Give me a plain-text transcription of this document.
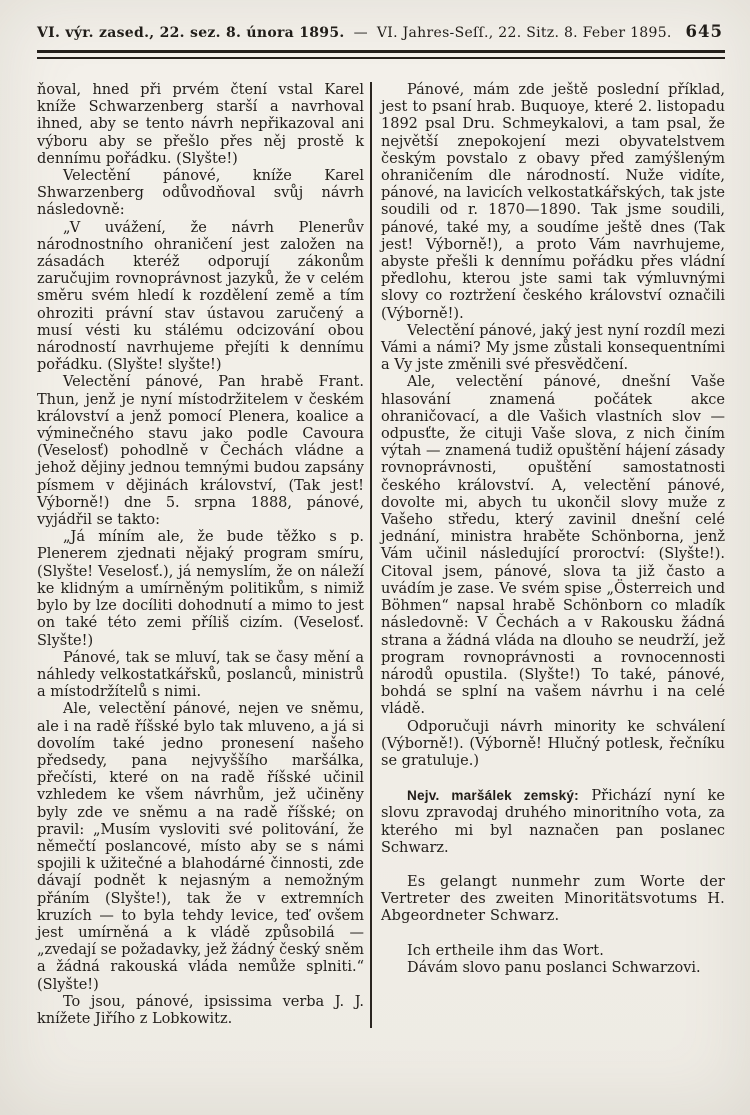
VI. výr. zased., 22. sez. 8. února 1895. — VI. Jahres-Seſſ., 22. Sitz. 8. Feber 1895. 645

ňoval, hned při prvém čtení vstal Karel kníže Schwarzenberg starší a navrhoval ihned, aby se tento návrh nepřikazoval ani výboru aby se přešlo přes něj prostě k dennímu pořádku. (Slyšte!)

Velectění pánové, kníže Karel Shwarzenberg odůvodňoval svůj návrh následovně:

„V uvážení, že návrh Plenerův národnostního ohraničení jest založen na zásadách kteréž odporují zákonům zaručujim rovnoprávnost jazyků, že v celém směru svém hledí k rozdělení země a tím ohroziti právní stav ústavou zaručený a musí vésti ku stálému odcizování obou národností navrhujeme přejíti k dennímu pořádku. (Slyšte! slyšte!)

Velectění pánové, Pan hrabě Frant. Thun, jenž je nyní místodržitelem v českém království a jenž pomocí Plenera, koalice a výminečného stavu jako podle Cavoura (Veselosť) pohodlně v Čechách vládne a jehož dějiny jednou temnými budou zapsány písmem v dějinách království, (Tak jest! Výborně!) dne 5. srpna 1888, pánové, vyjádřil se takto:

„Já míním ale, že bude těžko s p. Plenerem zjednati nějaký program smíru, (Slyšte! Veselosť.), já nemyslím, že on náleží ke klidným a umírněným politikům, s nimiž bylo by lze docíliti dohodnutí a mimo to jest on také této zemi příliš cizím. (Veselosť. Slyšte!)

Pánové, tak se mluví, tak se časy mění a náhledy velkostatkářsků, poslanců, ministrů a místodržítelů s nimi.

Ale, velectění pánové, nejen ve sněmu, ale i na radě říšské bylo tak mluveno, a já si dovolím také jedno pronesení našeho předsedy, pana nejvyššího maršálka, přečísti, které on na radě říšské učinil vzhledem ke všem návrhům, jež učiněny byly zde ve sněmu a na radě říšské; on pravil: „Musím vysloviti své politování, že němečtí poslancové, místo aby se s námi spojili k užitečné a blahodárné činnosti, zde dávají podnět k nejasným a nemožným přáním (Slyšte!), tak že v extremních kruzích — to byla tehdy levice, teď ovšem jest umírněná a k vládě způsobilá — „zvedají se požadavky, jež žádný český sněm a žádná rakouská vláda nemůže splniti.“ (Slyšte!)

To jsou, pánové, ipsissima verba J. J. knížete Jiřího z Lobkowitz.

Pánové, mám zde ještě poslední příklad, jest to psaní hrab. Buquoye, které 2. listopadu 1892 psal Dru. Schmeykalovi, a tam psal, že největší znepokojení mezi obyvatelstvem českým povstalo z obavy před zamýšleným ohraničením dle národností. Nuže vidíte, pánové, na lavicích velkostatkářských, tak jste soudili od r. 1870—1890. Tak jsme soudili, pánové, také my, a soudíme ještě dnes (Tak jest! Výborně!), a proto Vám navrhujeme, abyste přešli k dennímu pořádku přes vládní předlohu, kterou jste sami tak výmluvnými slovy co roztržení českého království označili (Výborně!).

Velectění pánové, jaký jest nyní rozdíl mezi Vámi a námi? My jsme zůstali konsequentními a Vy jste změnili své přesvědčení.

Ale, velectění pánové, dnešní Vaše hlasování znamená počátek akce ohraničovací, a dle Vašich vlastních slov — odpusťte, že cituji Vaše slova, z nich činím výtah — znamená tudiž opuštění hájení zásady rovnoprávnosti, opuštění samostatnosti českého království. A, velectění pánové, dovolte mi, abych tu ukončil slovy muže z Vašeho středu, který zavinil dnešní celé jednání, ministra hraběte Schönborna, jenž Vám učinil následující proroctví: (Slyšte!). Citoval jsem, pánové, slova ta již často a uvádím je zase. Ve svém spise „Österreich und Böhmen“ napsal hrabě Schönborn co mladík následovně: V Čechách a v Rakousku žádná strana a žádná vláda na dlouho se neudrží, jež program rovnoprávnosti a rovnocennosti národů opustila. (Slyšte!) To také, pánové, bohdá se splní na vašem návrhu i na celé vládě.

Odporučuji návrh minority ke schválení (Výborně!). (Výborně! Hlučný potlesk, řečníku se gratuluje.)

Nejv. maršálek zemský: Přichází nyní ke slovu zpravodaj druhého minoritního vota, za kterého mi byl naznačen pan poslanec Schwarz.

Es gelangt nunmehr zum Worte der Vertreter des zweiten Minoritätsvotums H. Abgeordneter Schwarz.

Ich ertheile ihm das Wort.

Dávám slovo panu poslanci Schwarzovi.
